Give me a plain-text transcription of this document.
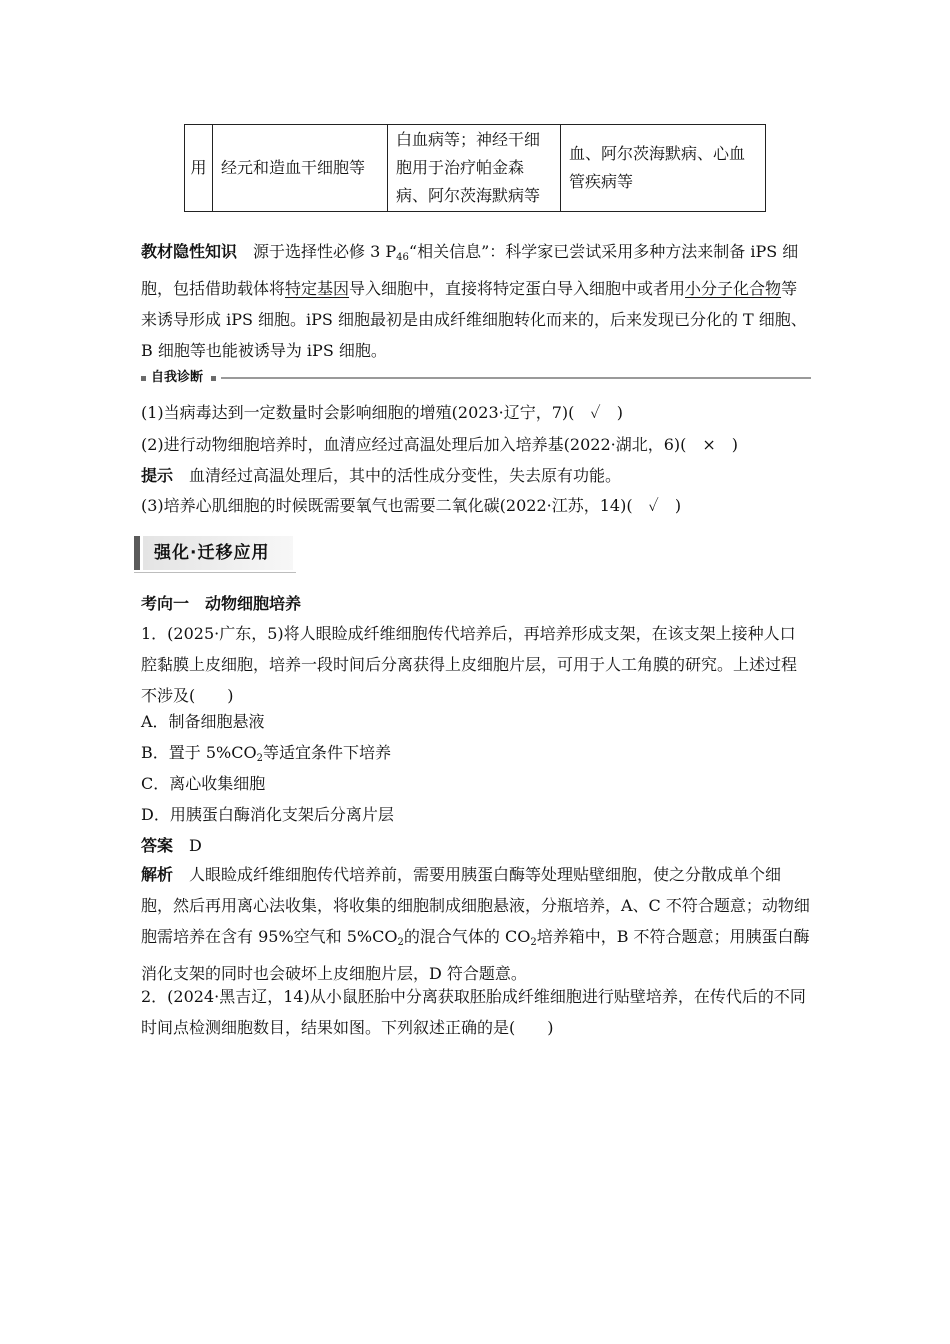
用	经元和造血干细胞等	白血病等；神经干细胞用于治疗帕金森病、阿尔茨海默病等	血、阿尔茨海默病、心血管疾病等
教材隐性知识　 源于选择性必修 3 $P_{46}“$相关信息”：科学家已尝试采用多种方法来制备 iPS 细胞，包括借助载体将特定基因导入细胞中，直接将特定蛋白导入细胞中或者用小分子化合物等来诱导形成 iPS 细胞。iPS 细胞最初是由成纤维细胞转化而来的，后来发现已分化的 T 细胞、B 细胞等也能被诱导为 iPS 细胞。
自我诊断
(1)当病毒达到一定数量时会影响细胞的增殖(2023·辽宁，7)(　✓　)
(2)进行动物细胞培养时，血清应经过高温处理后加入培养基(2022·湖北，6)(　×　)
提示　 血清经过高温处理后，其中的活性成分变性，失去原有功能。
(3)培养心肌细胞的时候既需要氧气也需要二氧化碳(2022·江苏，14)(　✓　)
强化·迁移应用
考向一　动物细胞培养
1．(2025·广东，5)将人眼睑成纤维细胞传代培养后，再培养形成支架，在该支架上接种人口腔黏膜上皮细胞，培养一段时间后分离获得上皮细胞片层，可用于人工角膜的研究。上述过程不涉及(　　)
A．制备细胞悬液
B．置于 $5\%CO_2$等适宜条件下培养
C．离心收集细胞
D．用胰蛋白酶消化支架后分离片层
答案　 D
解析　 人眼睑成纤维细胞传代培养前，需要用胰蛋白酶等处理贴壁细胞，使之分散成单个细胞，然后再用离心法收集，将收集的细胞制成细胞悬液，分瓶培养，A、C 不符合题意；动物细胞需培养在含有 95%空气和 $5\%CO_2$的混合气体的 $CO_2$培养箱中，B 不符合题意；用胰蛋白酶消化支架的同时也会破坏上皮细胞片层，D 符合题意。
2．(2024·黑吉辽，14)从小鼠胚胎中分离获取胚胎成纤维细胞进行贴壁培养，在传代后的不同时间点检测细胞数目，结果如图。下列叙述正确的是(　　)
